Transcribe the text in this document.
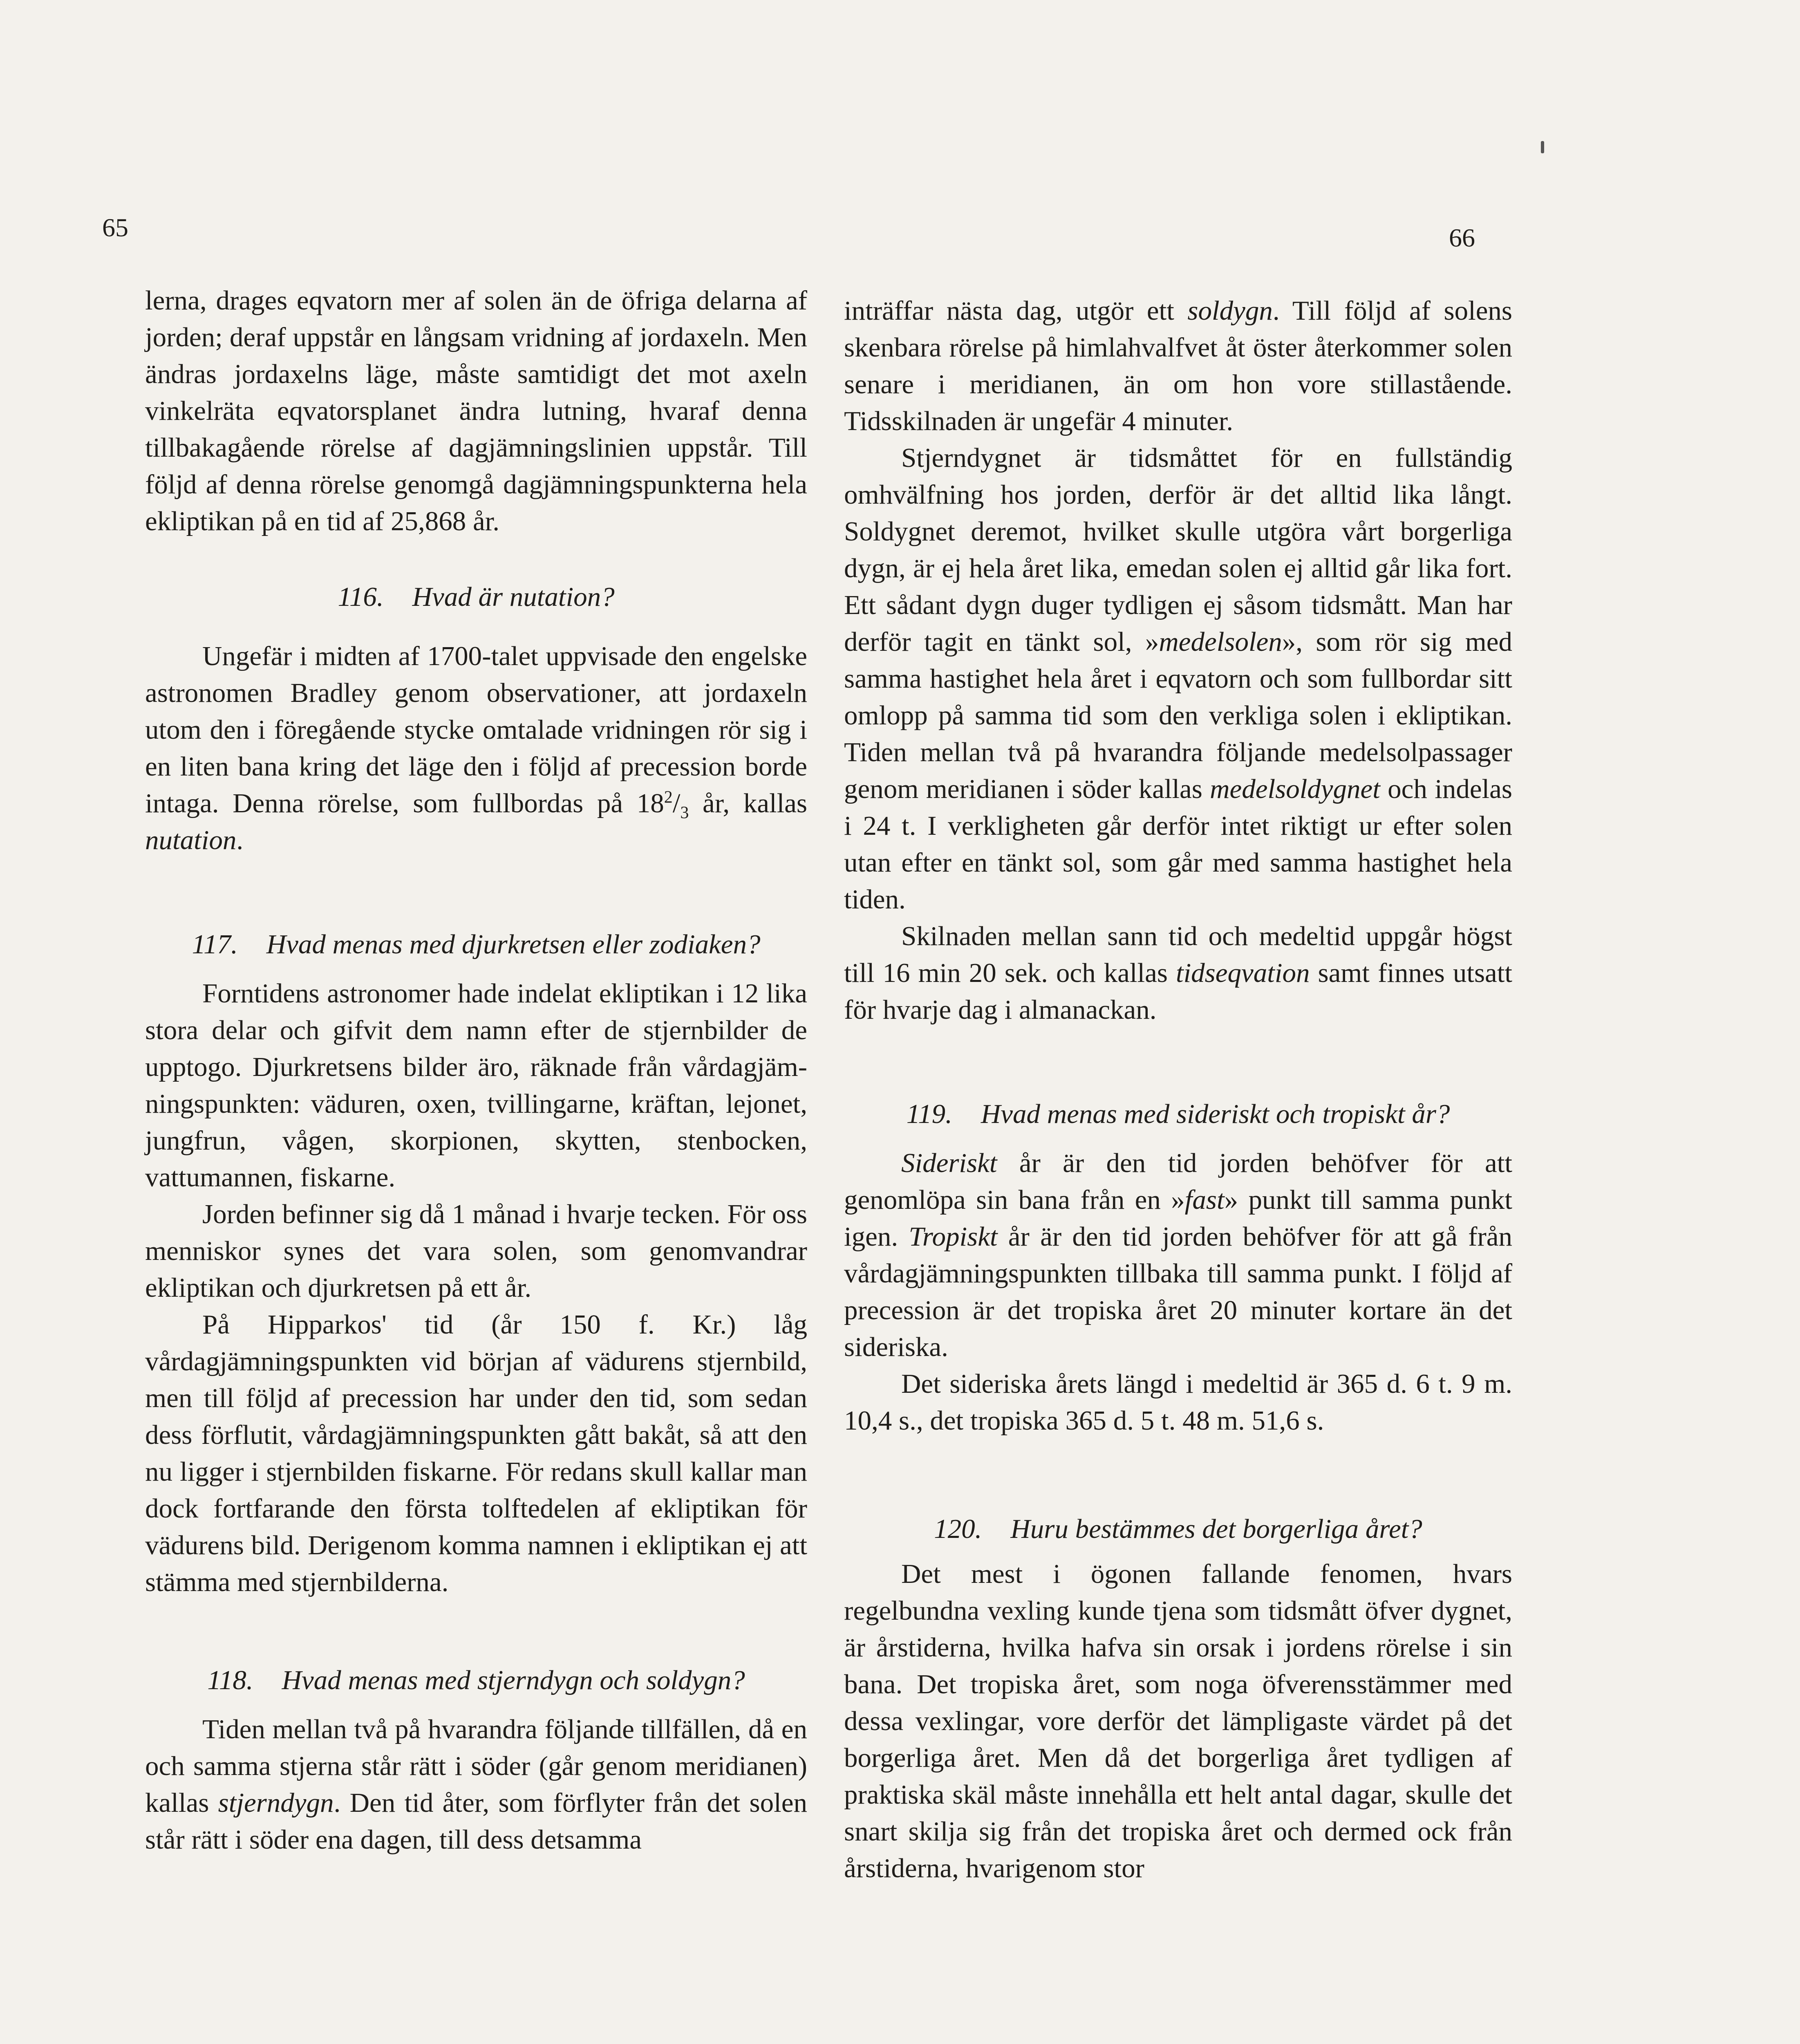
65	66

lerna, drages eqvatorn mer af solen än de öfriga delarna af jorden; deraf uppstår en långsam vridning af jordaxeln. Men ändras jordaxelns läge, måste samtidigt det mot axeln vinkelräta eqvatorsplanet ändra lutning, hvaraf denna tillbakagående rörelse af dagjämningslinien uppstår. Till följd af denna rörelse genomgå dagjämningspunkterna hela ekliptikan på en tid af 25,868 år.

116. Hvad är nutation?

Ungefär i midten af 1700-talet uppvisade den engelske astronomen Bradley genom observationer, att jordaxeln utom den i föregående stycke omtalade vridningen rör sig i en liten bana kring det läge den i följd af precession borde intaga. Denna rörelse, som fullbordas på $18^2/_3$ år, kallas nutation.

117. Hvad menas med djurkretsen eller zodiaken?

Forntidens astronomer hade indelat ekliptikan i 12 lika stora delar och gifvit dem namn efter de stjernbilder de upptogo. Djurkretsens bilder äro, räknade från vårdagjämningspunkten: väduren, oxen, tvillingarne, kräftan, lejonet, jungfrun, vågen, skorpionen, skytten, stenbocken, vattumannen, fiskarne.

Jorden befinner sig då 1 månad i hvarje tecken. För oss menniskor synes det vara solen, som genomvandrar ekliptikan och djurkretsen på ett år.

På Hipparkos' tid (år 150 f. Kr.) låg vårdagjämningspunkten vid början af vädurens stjernbild, men till följd af precession har under den tid, som sedan dess förflutit, vårdagjämningspunkten gått bakåt, så att den nu ligger i stjernbilden fiskarne. För redans skull kallar man dock fortfarande den första tolftedelen af ekliptikan för vädurens bild. Derigenom komma namnen i ekliptikan ej att stämma med stjernbilderna.

118. Hvad menas med stjerndygn och soldygn?

Tiden mellan två på hvarandra följande tillfällen, då en och samma stjerna står rätt i söder (går genom meridianen) kallas stjerndygn. Den tid åter, som förflyter från det solen står rätt i söder ena dagen, till dess detsamma

inträffar nästa dag, utgör ett soldygn. Till följd af solens skenbara rörelse på himlahvalfvet åt öster återkommer solen senare i meridianen, än om hon vore stillastående. Tidsskilnaden är ungefär 4 minuter.

Stjerndygnet är tidsmåttet för en fullständig omhvälfning hos jorden, derför är det alltid lika långt. Soldygnet deremot, hvilket skulle utgöra vårt borgerliga dygn, är ej hela året lika, emedan solen ej alltid går lika fort. Ett sådant dygn duger tydligen ej såsom tidsmått. Man har derför tagit en tänkt sol, »medelsolen», som rör sig med samma hastighet hela året i eqvatorn och som fullbordar sitt omlopp på samma tid som den verkliga solen i ekliptikan. Tiden mellan två på hvarandra följande medelsolpassager genom meridianen i söder kallas medelsoldygnet och indelas i 24 t. I verkligheten går derför intet riktigt ur efter solen utan efter en tänkt sol, som går med samma hastighet hela tiden.

Skilnaden mellan sann tid och medeltid uppgår högst till 16 min 20 sek. och kallas tidseqvation samt finnes utsatt för hvarje dag i almanackan.

119. Hvad menas med sideriskt och tropiskt år?

Sideriskt år är den tid jorden behöfver för att genomlöpa sin bana från en »fast» punkt till samma punkt igen. Tropiskt år är den tid jorden behöfver för att gå från vårdagjämningspunkten tillbaka till samma punkt. I följd af precession är det tropiska året 20 minuter kortare än det sideriska.

Det sideriska årets längd i medeltid är 365 d. 6 t. 9 m. 10,4 s., det tropiska 365 d. 5 t. 48 m. 51,6 s.

120. Huru bestämmes det borgerliga året?

Det mest i ögonen fallande fenomen, hvars regelbundna vexling kunde tjena som tidsmått öfver dygnet, är årstiderna, hvilka hafva sin orsak i jordens rörelse i sin bana. Det tropiska året, som noga öfverensstämmer med dessa vexlingar, vore derför det lämpligaste värdet på det borgerliga året. Men då det borgerliga året tydligen af praktiska skäl måste innehålla ett helt antal dagar, skulle det snart skilja sig från det tropiska året och dermed ock från årstiderna, hvarigenom stor
